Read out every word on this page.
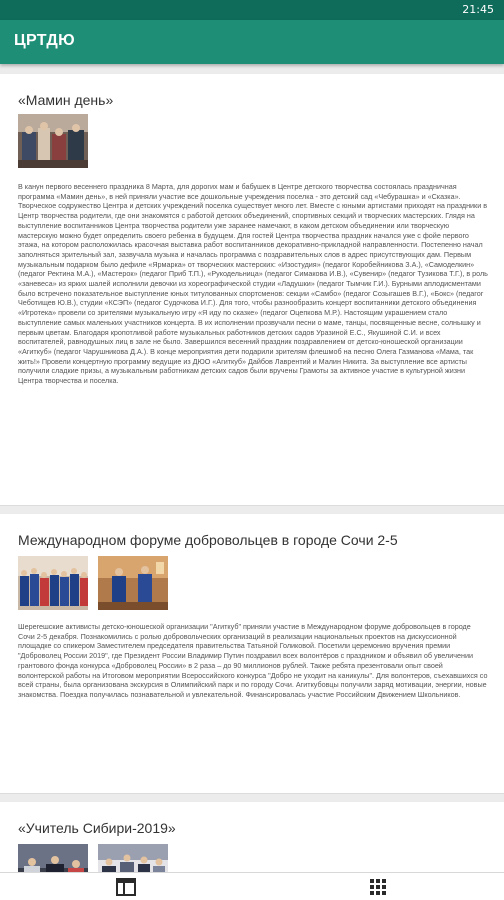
21:45
ЦРТДЮ
«Мамин день»
В канун первого весеннего праздника 8 Марта, для дорогих мам и бабушек в Центре детского творчества состоялась праздничная программа «Мамин день», в ней приняли участие все дошкольные учреждения поселка - это детский сад «Чебурашка» и «Сказка». Творческое содружество Центра и детских учреждений поселка существует много лет. Вместе с юными артистами приходят на праздники в Центр творчества родители, где они знакомятся с работой детских объединений, спортивных секций и творческих мастерских. Глядя на выступление воспитанников Центра творчества родители уже заранее намечают, в каком детском объединении или творческую мастерскую можно будет определить своего ребенка в будущем. Для гостей Центра творчества праздник начался уже с фойе первого этажа, на котором расположилась красочная выставка работ воспитанников декоративно-прикладной направленности. Постепенно начал заполняться зрительный зал, зазвучала музыка и началась программа с поздравительных слов в адрес присутствующих дам. Первым музыкальным подарком было дефиле «Ярмарка» от творческих мастерских: «Изостудия» (педагог Коробейникова З.А.), «Самоделкин» (педагог Ректина М.А.), «Мастерок» (педагог Приб Т.П.), «Рукодельница» (педагог Симакова И.В.), «Сувенир» (педагог Тузикова Т.Г.), в роль «заневеса» из ярких шалей исполнили девочки из хореографической студии «Ладушки» (педагог Тымчик Г.И.). Бурными аплодисментами было встречено показательное выступление юных титулованных спортсменов: секции «Самбо» (педагог Созыгашев В.Г.), «Бокс» (педагог Чеботищев Ю.В.), студии «КСЭП» (педагог Судочкова И.Г.). Для того, чтобы разнообразить концерт воспитанники детского объединения «Игротека» провели со зрителями музыкальную игру «Я иду по сказке» (педагог Оцепкова М.Р.). Настоящим украшением стало выступление самых маленьких участников концерта. В их исполнении прозвучали песни о маме, танцы, посвященные весне, солнышку и первым цветам. Благодаря кропотливой работе музыкальных работников детских садов Уразиной Е.С., Якушиной С.И. и всех воспитателей, равнодушных лиц в зале не было. Завершился весенний праздник поздравлением от детско-юношеской организации «Агиткуб» (педагог Чарушникова Д.А.). В конце мероприятия дети подарили зрителям флешмоб на песню Олега Газманова «Мама, так жить!» Провели концертную программу ведущие из ДЮО «Агиткуб» Дайбов Лаврентий и Малин Никита. За выступление все артисты получили сладкие призы, а музыкальным работникам детских садов были вручены Грамоты за активное участие в культурной жизни Центра творчества и поселка.
Международном форуме добровольцев в городе Сочи 2-5
Шерегешские активисты детско-юношеской организации "Агиткуб" приняли участие в Международном форуме добровольцев в городе Сочи 2-5 декабря. Познакомились с ролью добровольческих организаций в реализации национальных проектов на дискуссионной площадке со спикером Заместителем председателя правительства Татьяной Голиковой. Посетили церемонию вручения премии "Доброволец России 2019", где Президент России Владимир Путин поздравил всех волонтёров с праздником и объявил об увеличении грантового фонда конкурса «Доброволец России» в 2 раза – до 90 миллионов рублей. Также ребята презентовали опыт своей волонтерской работы на Итоговом мероприятии Всероссийского конкурса "Добро не уходит на каникулы". Для волонтеров, съехавшихся со всей страны, была организована экскурсия в Олимпийский парк и по городу Сочи. Агиткубовцы получили заряд мотивации, энергии, новые знакомства. Поездка получилась познавательной и увлекательной. Финансировалась участие Российским Движением Школьников.
«Учитель Сибири-2019»
